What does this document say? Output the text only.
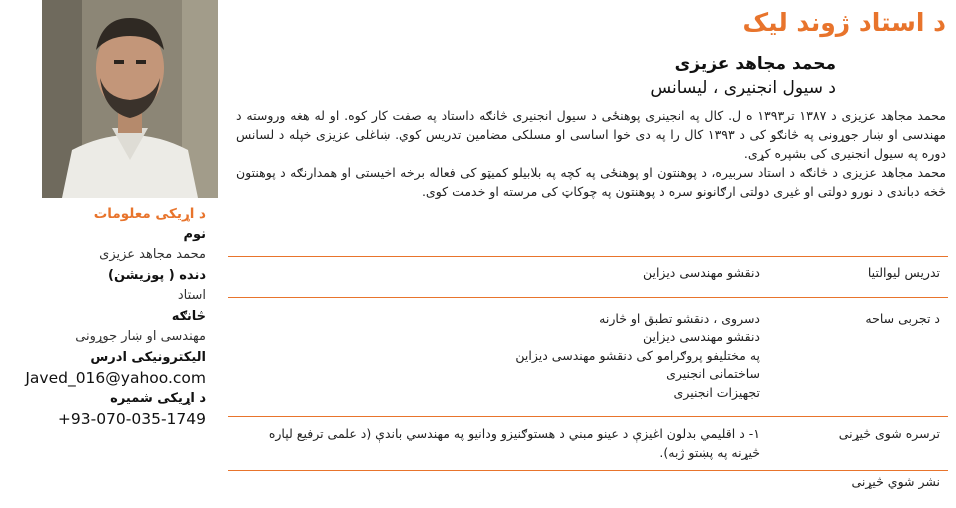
د استاد ژوند لیک
محمد مجاهد عزیزی
د سیول انجنیری ، لیسانس

محمد مجاهد عزیزی د ۱۳۸۷ تر۱۳۹۳ ه ل. کال په انجینری پوهنځی د سیول انجنیری څانګه داستاد په صفت کار کوه. او له هغه وروسته د مهندسی او ښار جوړونی په څانګو کی د ۱۳۹۳ کال را په دی خوا اساسی او مسلکی مضامین تدریس کوي. ښاغلی عزیزی خپله د لسانس دوره په سیول انجنیری کی بشپره کړی.

محمد مجاهد عزیزی د څانګه د استاد سربیره، د پوهنتون او پوهنځی په کچه په بلابیلو کمیټو کی فعاله برخه اخیستی او همدارنګه د پوهنتون څخه دباندی د نورو دولتی او غیری دولتی ارګانونو سره د پوهنتون په چوکاټ کی مرسته او خدمت کوی.

د اړیکی معلومات
نوم
محمد مجاهد عزیزی
دنده ( پوزیشن)
استاد
څانګه
مهندسی او ښار جوړونی
الیکترونیکی ادرس
Javed_016@yahoo.com
د اړیکی شمیره
+93-070-035-1749
تدریس لیوالتیا	دنقشو مهندسی دیزاین

د تجربی ساحه	دسروی ، دنقشو تطبق او څارنه
دنقشو مهندسی دیزاین
په مختلیفو پروګرامو کی دنقشو مهندسی دیزاین
ساختمانی انجنیری
تجهیزات انجنیری

ترسره شوی څیړنی	۱- د اقلیمي بدلون اغيزې د عینو مبني د هستوګنیزو ودانیو په مهندسي باندې (د علمی ترفیع لپاره څیړنه په پښتو ژبه).

نشر شوي څیړنی	
